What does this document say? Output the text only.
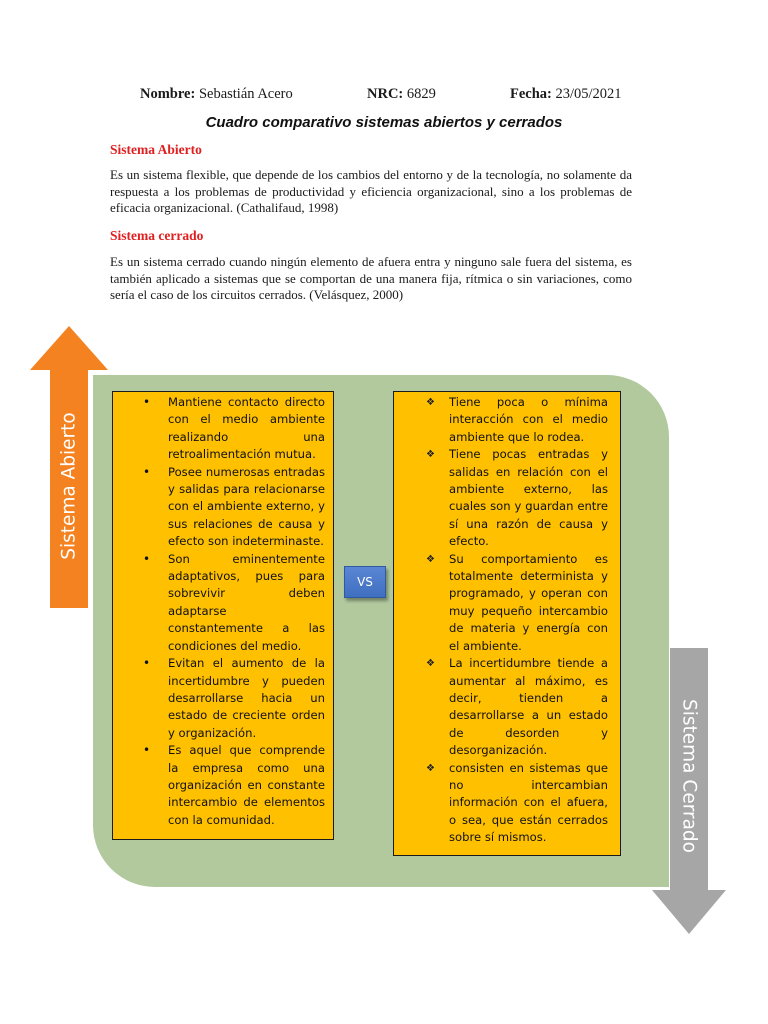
Nombre: Sebastián Acero	NRC: 6829	Fecha: 23/05/2021
Cuadro comparativo sistemas abiertos y cerrados
Sistema Abierto
Es un sistema flexible, que depende de los cambios del entorno y de la tecnología, no solamente da respuesta a los problemas de productividad y eficiencia organizacional, sino a los problemas de eficacia organizacional. (Cathalifaud, 1998)
Sistema cerrado
Es un sistema cerrado cuando ningún elemento de afuera entra y ninguno sale fuera del sistema, es también aplicado a sistemas que se comportan de una manera fija, rítmica o sin variaciones, como sería el caso de los circuitos cerrados. (Velásquez, 2000)
Sistema Abierto
Sistema Cerrado
• Mantiene contacto directo con el medio ambiente realizando una retroalimentación mutua.
• Posee numerosas entradas y salidas para relacionarse con el ambiente externo, y sus relaciones de causa y efecto son indeterminaste.
• Son eminentemente adaptativos, pues para sobrevivir deben adaptarse constantemente a las condiciones del medio.
• Evitan el aumento de la incertidumbre y pueden desarrollarse hacia un estado de creciente orden y organización.
• Es aquel que comprende la empresa como una organización en constante intercambio de elementos con la comunidad.
VS
❖ Tiene poca o mínima interacción con el medio ambiente que lo rodea.
❖ Tiene pocas entradas y salidas en relación con el ambiente externo, las cuales son y guardan entre sí una razón de causa y efecto.
❖ Su comportamiento es totalmente determinista y programado, y operan con muy pequeño intercambio de materia y energía con el ambiente.
❖ La incertidumbre tiende a aumentar al máximo, es decir, tienden a desarrollarse a un estado de desorden y desorganización.
❖ consisten en sistemas que no intercambian información con el afuera, o sea, que están cerrados sobre sí mismos.
